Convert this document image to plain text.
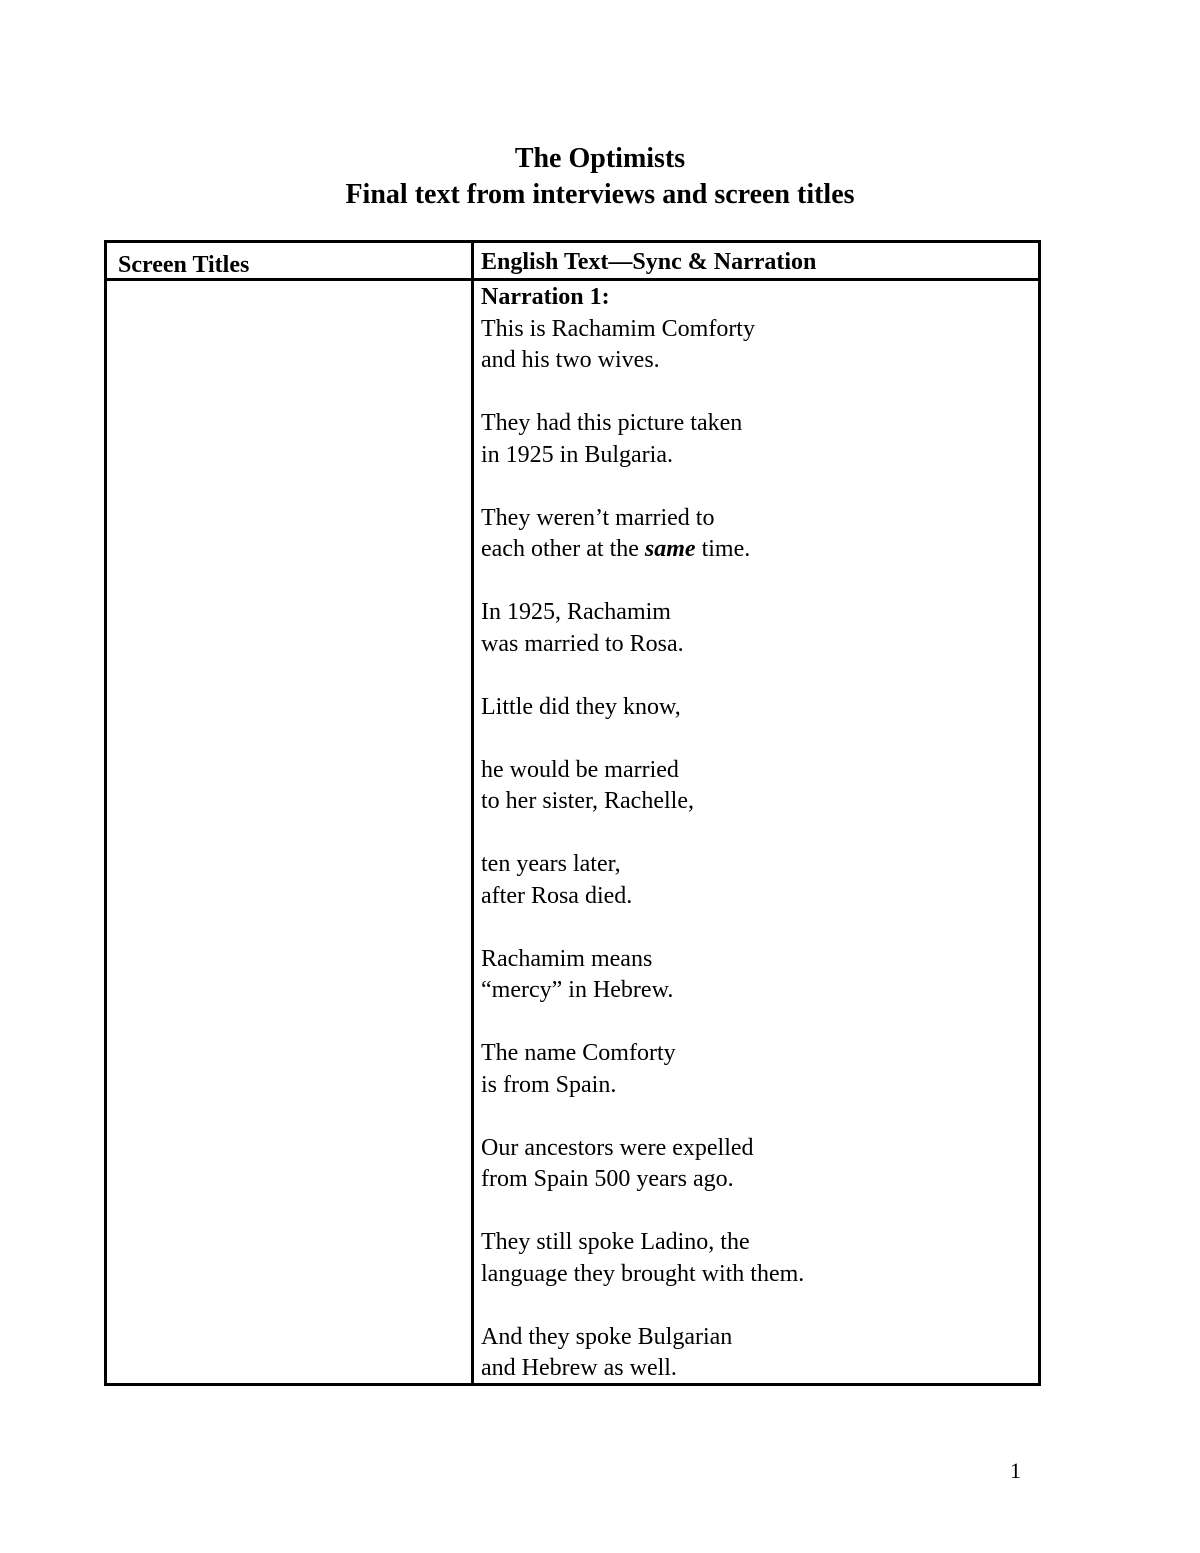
The Optimists
Final text from interviews and screen titles
Screen Titles	English Text—Sync & Narration
Narration 1:
This is Rachamim Comforty
and his two wives.
They had this picture taken
in 1925 in Bulgaria.
They weren’t married to
each other at the same time.
In 1925, Rachamim
was married to Rosa.
Little did they know,
he would be married
to her sister, Rachelle,
ten years later,
after Rosa died.
Rachamim means
“mercy” in Hebrew.
The name Comforty
is from Spain.
Our ancestors were expelled
from Spain 500 years ago.
They still spoke Ladino, the
language they brought with them.
And they spoke Bulgarian
and Hebrew as well.
1
